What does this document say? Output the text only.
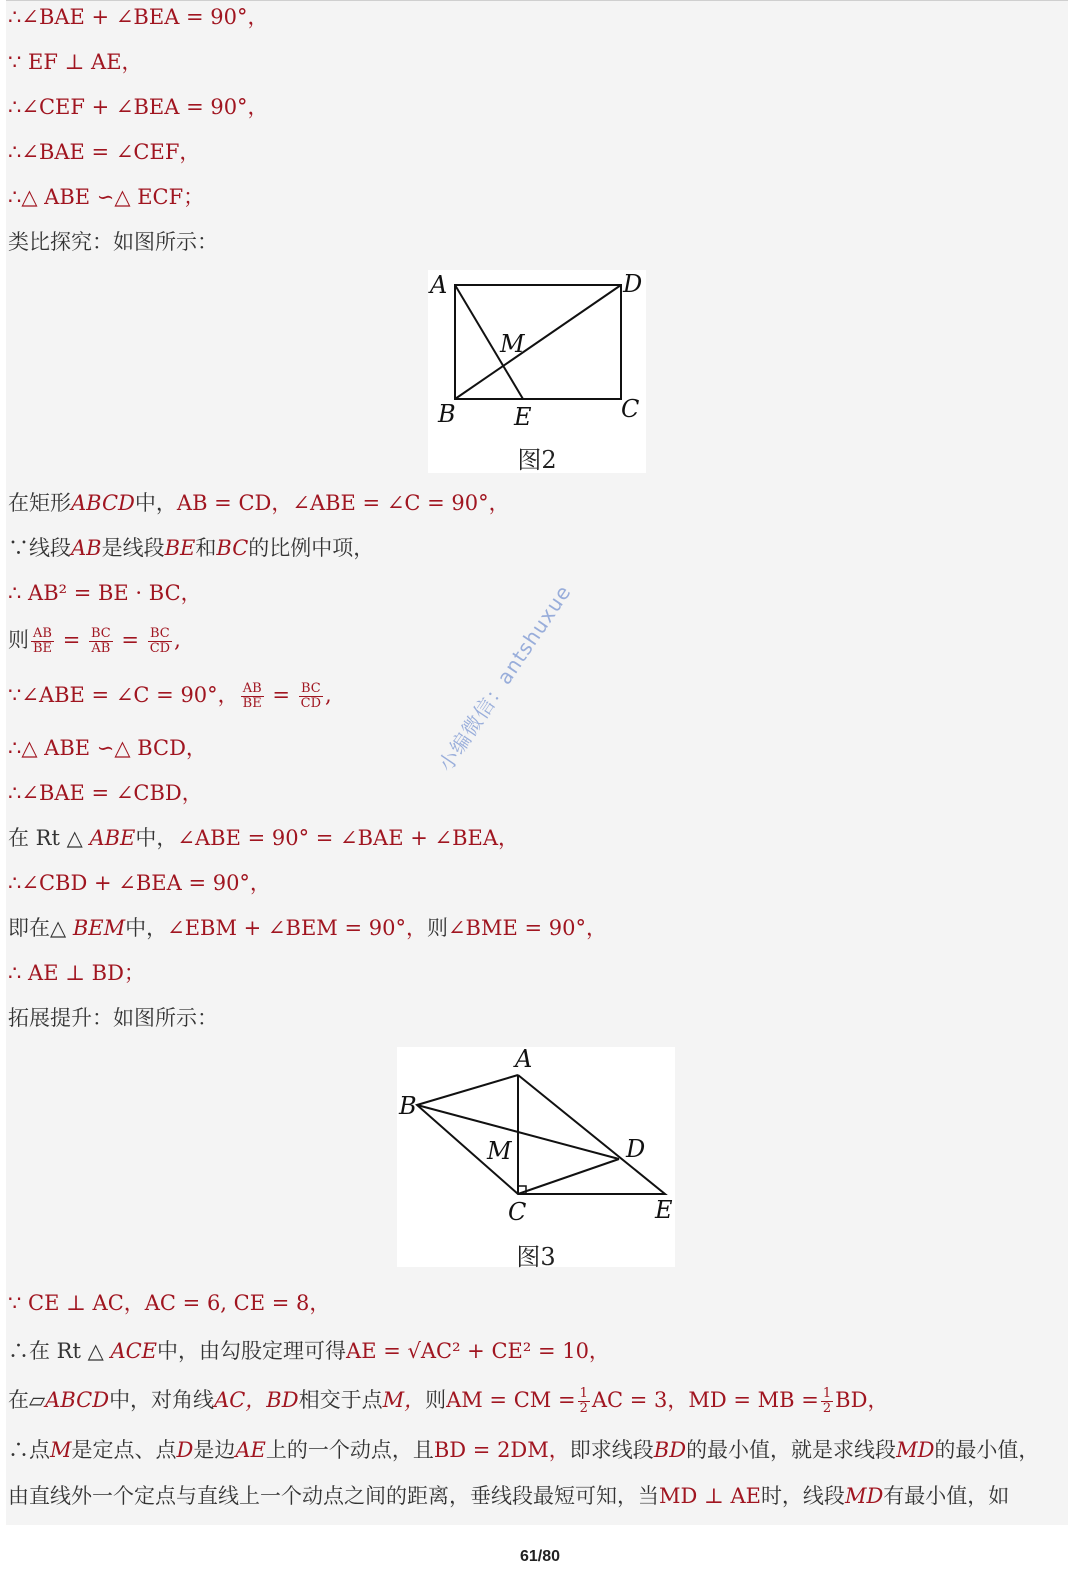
∴∠BAE + ∠BEA = 90°，
∵ EF ⊥ AE，
∴∠CEF + ∠BEA = 90°，
∴∠BAE = ∠CEF，
∴△ ABE ∽△ ECF；
类比探究：如图所示：
A	D
M
B E	C
图2
在矩形ABCD中，AB = CD，∠ABE = ∠C = 90°，
∵线段AB是线段BE和BC的比例中项，
∴ AB² = BE · BC，
则 $\frac{AB}{BE} = \frac{BC}{AB} = \frac{BC}{CD}$ ,
∵∠ABE = ∠C = 90°， $\frac{AB}{BE} = \frac{BC}{CD}$ ,
∴△ ABE ∽△ BCD，
∴∠BAE = ∠CBD，
在 Rt △ ABE中，∠ABE = 90° = ∠BAE + ∠BEA，
∴∠CBD + ∠BEA = 90°，
即在△ BEM中，∠EBM + ∠BEM = 90°，则∠BME = 90°，
∴ AE ⊥ BD；
拓展提升：如图所示：
A
B
M	D
C	E
图3
∵ CE ⊥ AC，AC = 6, CE = 8，
∴在 Rt △ ACE中，由勾股定理可得AE = √AC² + CE² = 10，
在▱ABCD中，对角线AC，BD相交于点M，则AM = CM = $\frac{1}{2}$ AC = 3，MD = MB = $\frac{1}{2}$ BD，
∴点M是定点、点D是边AE上的一个动点，且BD = 2DM，即求线段BD的最小值，就是求线段MD的最小值，
由直线外一个定点与直线上一个动点之间的距离，垂线段最短可知，当MD ⊥ AE时，线段MD有最小值，如
小编微信：antshuxue
61/80
